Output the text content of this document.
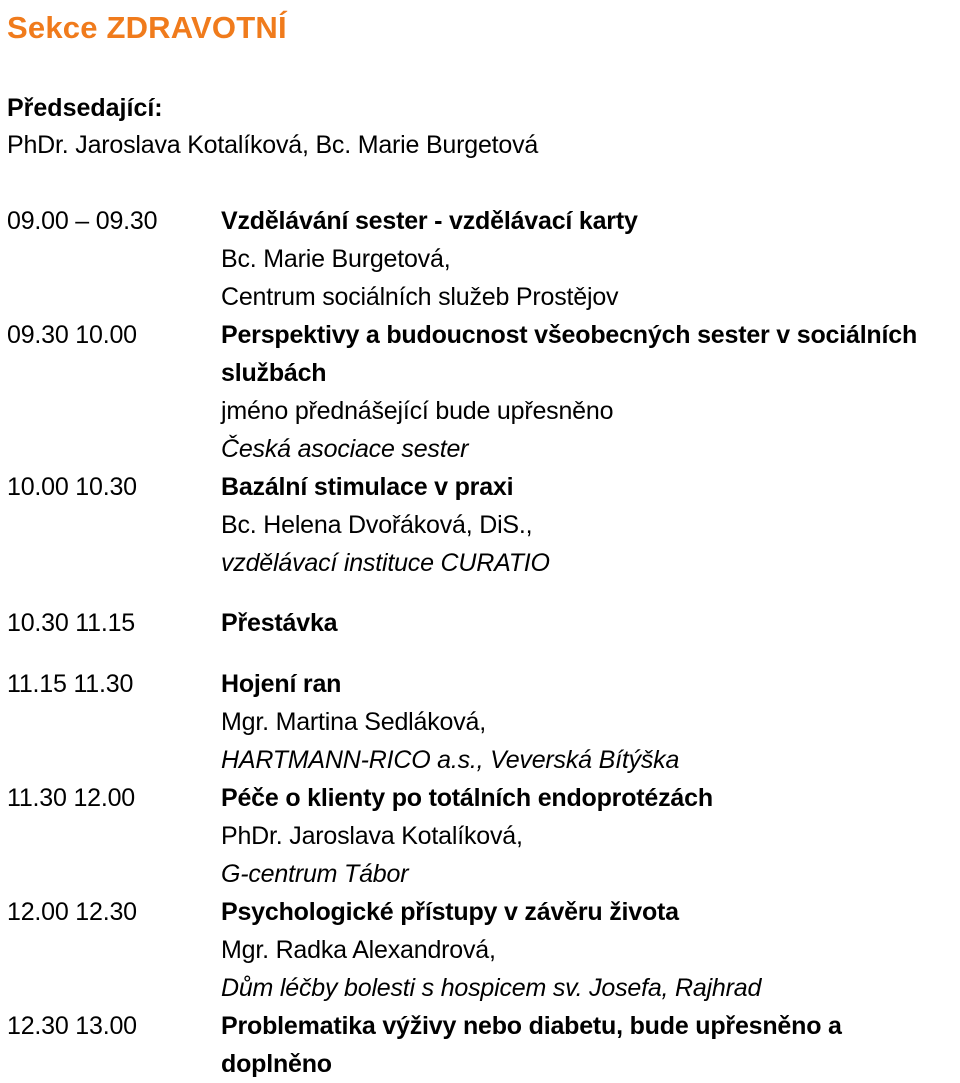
Sekce ZDRAVOTNÍ
Předsedající:
PhDr. Jaroslava Kotalíková, Bc. Marie Burgetová
09.00 – 09.30	Vzdělávání sester - vzdělávací karty
Bc. Marie Burgetová,
Centrum sociálních služeb Prostějov
09.30 10.00	Perspektivy a budoucnost všeobecných sester v sociálních
službách
jméno přednášející bude upřesněno
Česká asociace sester
10.00 10.30	Bazální stimulace v praxi
Bc. Helena Dvořáková, DiS.,
vzdělávací instituce CURATIO
10.30 11.15	Přestávka
11.15 11.30	Hojení ran
Mgr. Martina Sedláková,
HARTMANN-RICO a.s., Veverská Bítýška
11.30 12.00	Péče o klienty po totálních endoprotézách
PhDr. Jaroslava Kotalíková,
G-centrum Tábor
12.00 12.30	Psychologické přístupy v závěru života
Mgr. Radka Alexandrová,
Dům léčby bolesti s hospicem sv. Josefa, Rajhrad
12.30 13.00	Problematika výživy nebo diabetu, bude upřesněno a
doplněno
